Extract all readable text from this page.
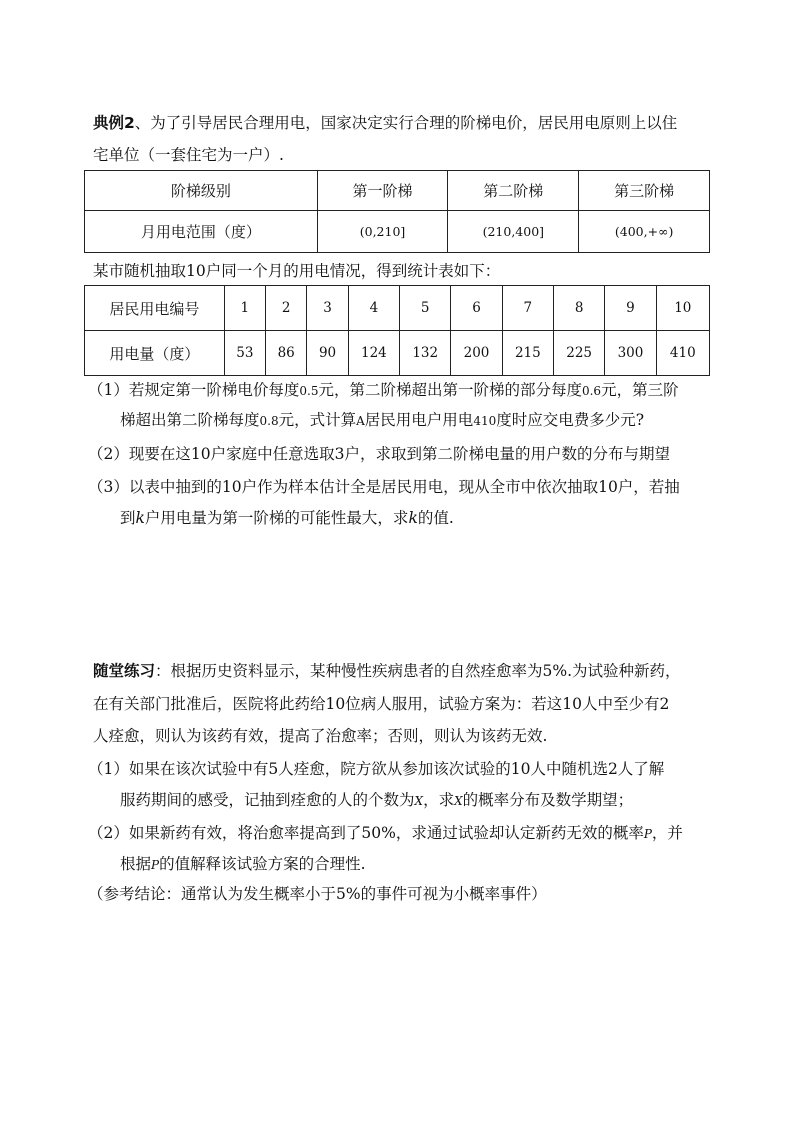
典例2、为了引导居民合理用电，国家决定实行合理的阶梯电价，居民用电原则上以住
宅单位（一套住宅为一户）.
阶梯级别	第一阶梯	第二阶梯	第三阶梯
月用电范围（度）	(0,210]	(210,400]	(400,+∞)
某市随机抽取10户同一个月的用电情况，得到统计表如下：
居民用电编号	1	2	3	4	5	6	7	8	9	10
用电量（度）	53	86	90	124	132	200	215	225	300	410
（1）若规定第一阶梯电价每度0.5元，第二阶梯超出第一阶梯的部分每度0.6元，第三阶
梯超出第二阶梯每度0.8元，式计算A居民用电户用电410度时应交电费多少元?
（2）现要在这10户家庭中任意选取3户，求取到第二阶梯电量的用户数的分布与期望
（3）以表中抽到的10户作为样本估计全是居民用电，现从全市中依次抽取10户，若抽
到k户用电量为第一阶梯的可能性最大，求k的值.
随堂练习：根据历史资料显示，某种慢性疾病患者的自然痊愈率为5%.为试验种新药，
在有关部门批准后，医院将此药给10位病人服用，试验方案为：若这10人中至少有2
人痊愈，则认为该药有效，提高了治愈率；否则，则认为该药无效.
（1）如果在该次试验中有5人痊愈，院方欲从参加该次试验的10人中随机选2人了解
服药期间的感受，记抽到痊愈的人的个数为X，求X的概率分布及数学期望；
（2）如果新药有效，将治愈率提高到了50%，求通过试验却认定新药无效的概率P，并
根据P的值解释该试验方案的合理性.
（参考结论：通常认为发生概率小于5%的事件可视为小概率事件）
